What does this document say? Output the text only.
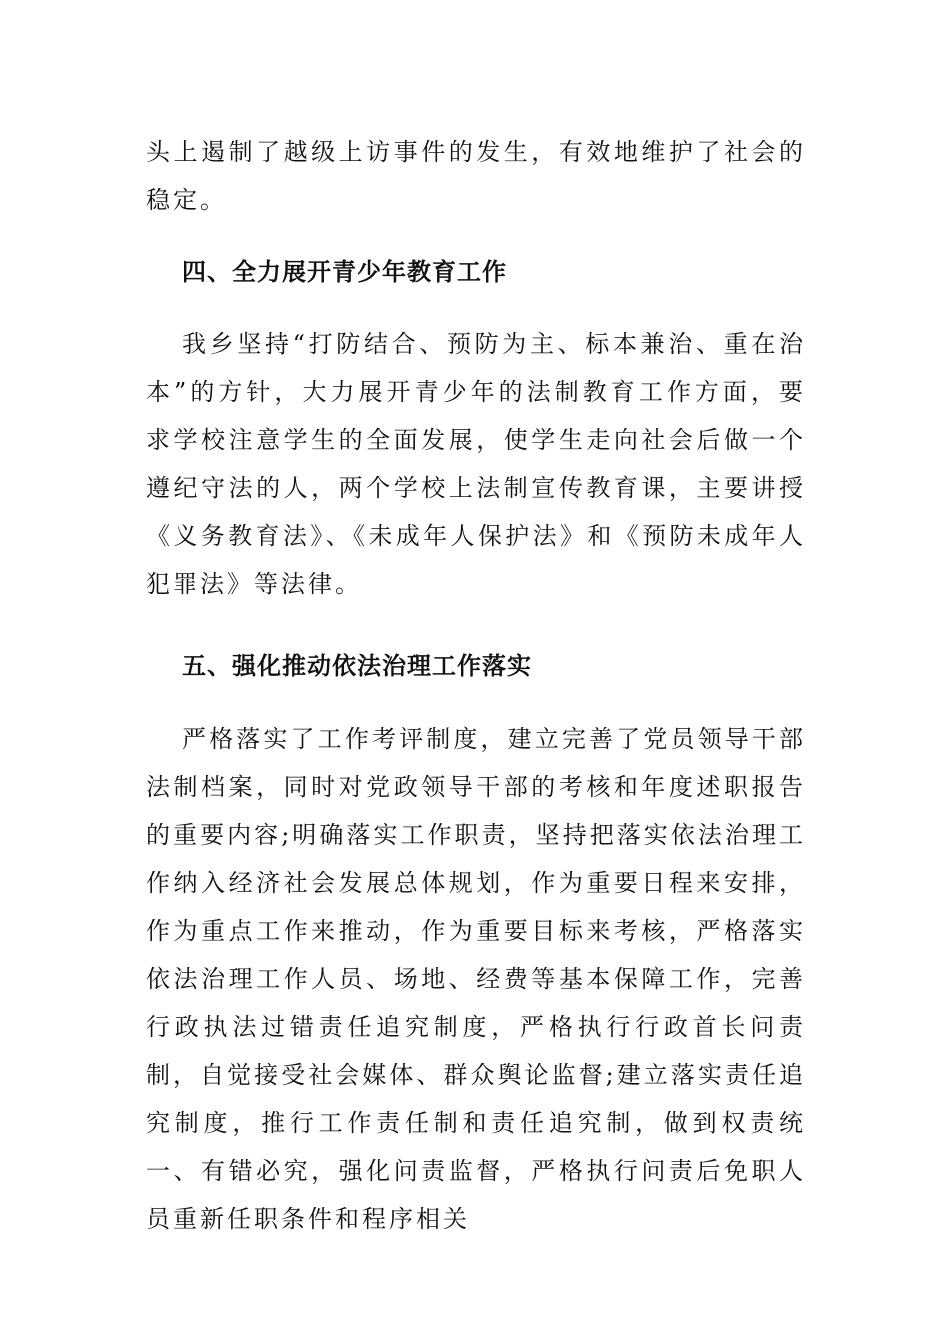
头上遏制了越级上访事件的发生，有效地维护了社会的稳定。

四、全力展开青少年教育工作

我乡坚持“打防结合、预防为主、标本兼治、重在治本”的方针，大力展开青少年的法制教育工作方面，要求学校注意学生的全面发展，使学生走向社会后做一个遵纪守法的人，两个学校上法制宣传教育课，主要讲授《义务教育法》、《未成年人保护法》和《预防未成年人犯罪法》等法律。

五、强化推动依法治理工作落实

严格落实了工作考评制度，建立完善了党员领导干部法制档案，同时对党政领导干部的考核和年度述职报告的重要内容;明确落实工作职责，坚持把落实依法治理工作纳入经济社会发展总体规划，作为重要日程来安排，作为重点工作来推动，作为重要目标来考核，严格落实依法治理工作人员、场地、经费等基本保障工作，完善行政执法过错责任追究制度，严格执行行政首长问责制，自觉接受社会媒体、群众舆论监督;建立落实责任追究制度，推行工作责任制和责任追究制，做到权责统一、有错必究，强化问责监督，严格执行问责后免职人员重新任职条件和程序相关
